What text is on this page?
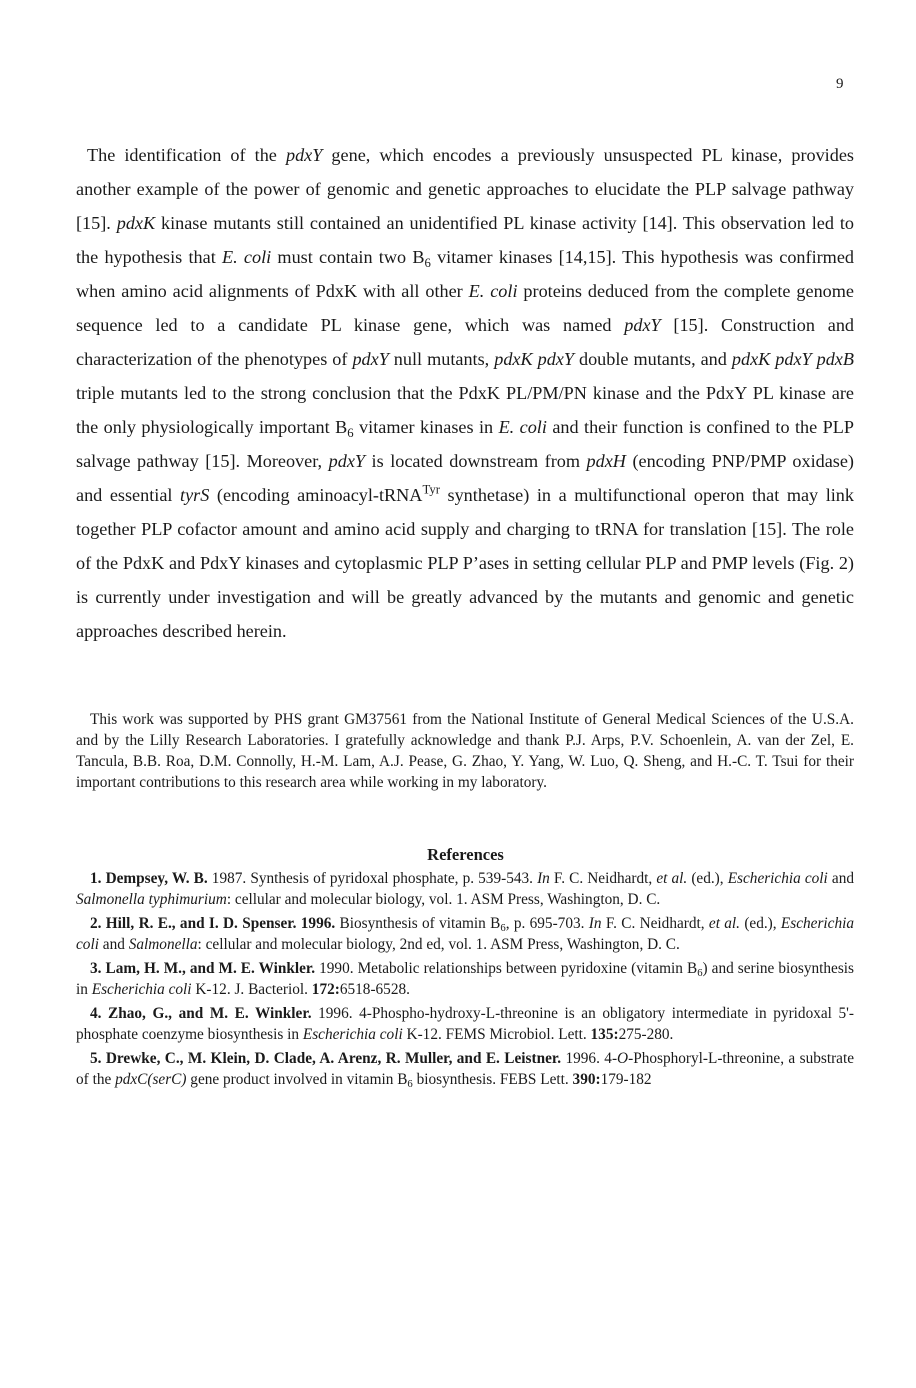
9

The identification of the pdxY gene, which encodes a previously unsuspected PL kinase, provides another example of the power of genomic and genetic approaches to elucidate the PLP salvage pathway [15]. pdxK kinase mutants still contained an unidentified PL kinase activity [14]. This observation led to the hypothesis that E. coli must contain two $B_6$ vitamer kinases [14,15]. This hypothesis was confirmed when amino acid alignments of PdxK with all other E. coli proteins deduced from the complete genome sequence led to a candidate PL kinase gene, which was named pdxY [15]. Construction and characterization of the phenotypes of pdxY null mutants, pdxK pdxY double mutants, and pdxK pdxY pdxB triple mutants led to the strong conclusion that the PdxK PL/PM/PN kinase and the PdxY PL kinase are the only physiologically important $B_6$ vitamer kinases in E. coli and their function is confined to the PLP salvage pathway [15]. Moreover, pdxY is located downstream from pdxH (encoding PNP/PMP oxidase) and essential tyrS (encoding aminoacyl-tRNA$^{Tyr}$ synthetase) in a multifunctional operon that may link together PLP cofactor amount and amino acid supply and charging to tRNA for translation [15]. The role of the PdxK and PdxY kinases and cytoplasmic PLP P’ases in setting cellular PLP and PMP levels (Fig. 2) is currently under investigation and will be greatly advanced by the mutants and genomic and genetic approaches described herein.

This work was supported by PHS grant GM37561 from the National Institute of General Medical Sciences of the U.S.A. and by the Lilly Research Laboratories. I gratefully acknowledge and thank P.J. Arps, P.V. Schoenlein, A. van der Zel, E. Tancula, B.B. Roa, D.M. Connolly, H.-M. Lam, A.J. Pease, G. Zhao, Y. Yang, W. Luo, Q. Sheng, and H.-C. T. Tsui for their important contributions to this research area while working in my laboratory.

References

1. Dempsey, W. B. 1987. Synthesis of pyridoxal phosphate, p. 539-543. In F. C. Neidhardt, et al. (ed.), Escherichia coli and Salmonella typhimurium: cellular and molecular biology, vol. 1. ASM Press, Washington, D. C.

2. Hill, R. E., and I. D. Spenser. 1996. Biosynthesis of vitamin $B_6$, p. 695-703. In F. C. Neidhardt, et al. (ed.), Escherichia coli and Salmonella: cellular and molecular biology, 2nd ed, vol. 1. ASM Press, Washington, D. C.

3. Lam, H. M., and M. E. Winkler. 1990. Metabolic relationships between pyridoxine (vitamin $B_6$) and serine biosynthesis in Escherichia coli K-12. J. Bacteriol. 172:6518-6528.

4. Zhao, G., and M. E. Winkler. 1996. 4-Phospho-hydroxy-L-threonine is an obligatory intermediate in pyridoxal 5'-phosphate coenzyme biosynthesis in Escherichia coli K-12. FEMS Microbiol. Lett. 135:275-280.

5. Drewke, C., M. Klein, D. Clade, A. Arenz, R. Muller, and E. Leistner. 1996. 4-O-Phosphoryl-L-threonine, a substrate of the pdxC(serC) gene product involved in vitamin $B_6$ biosynthesis. FEBS Lett. 390:179-182
